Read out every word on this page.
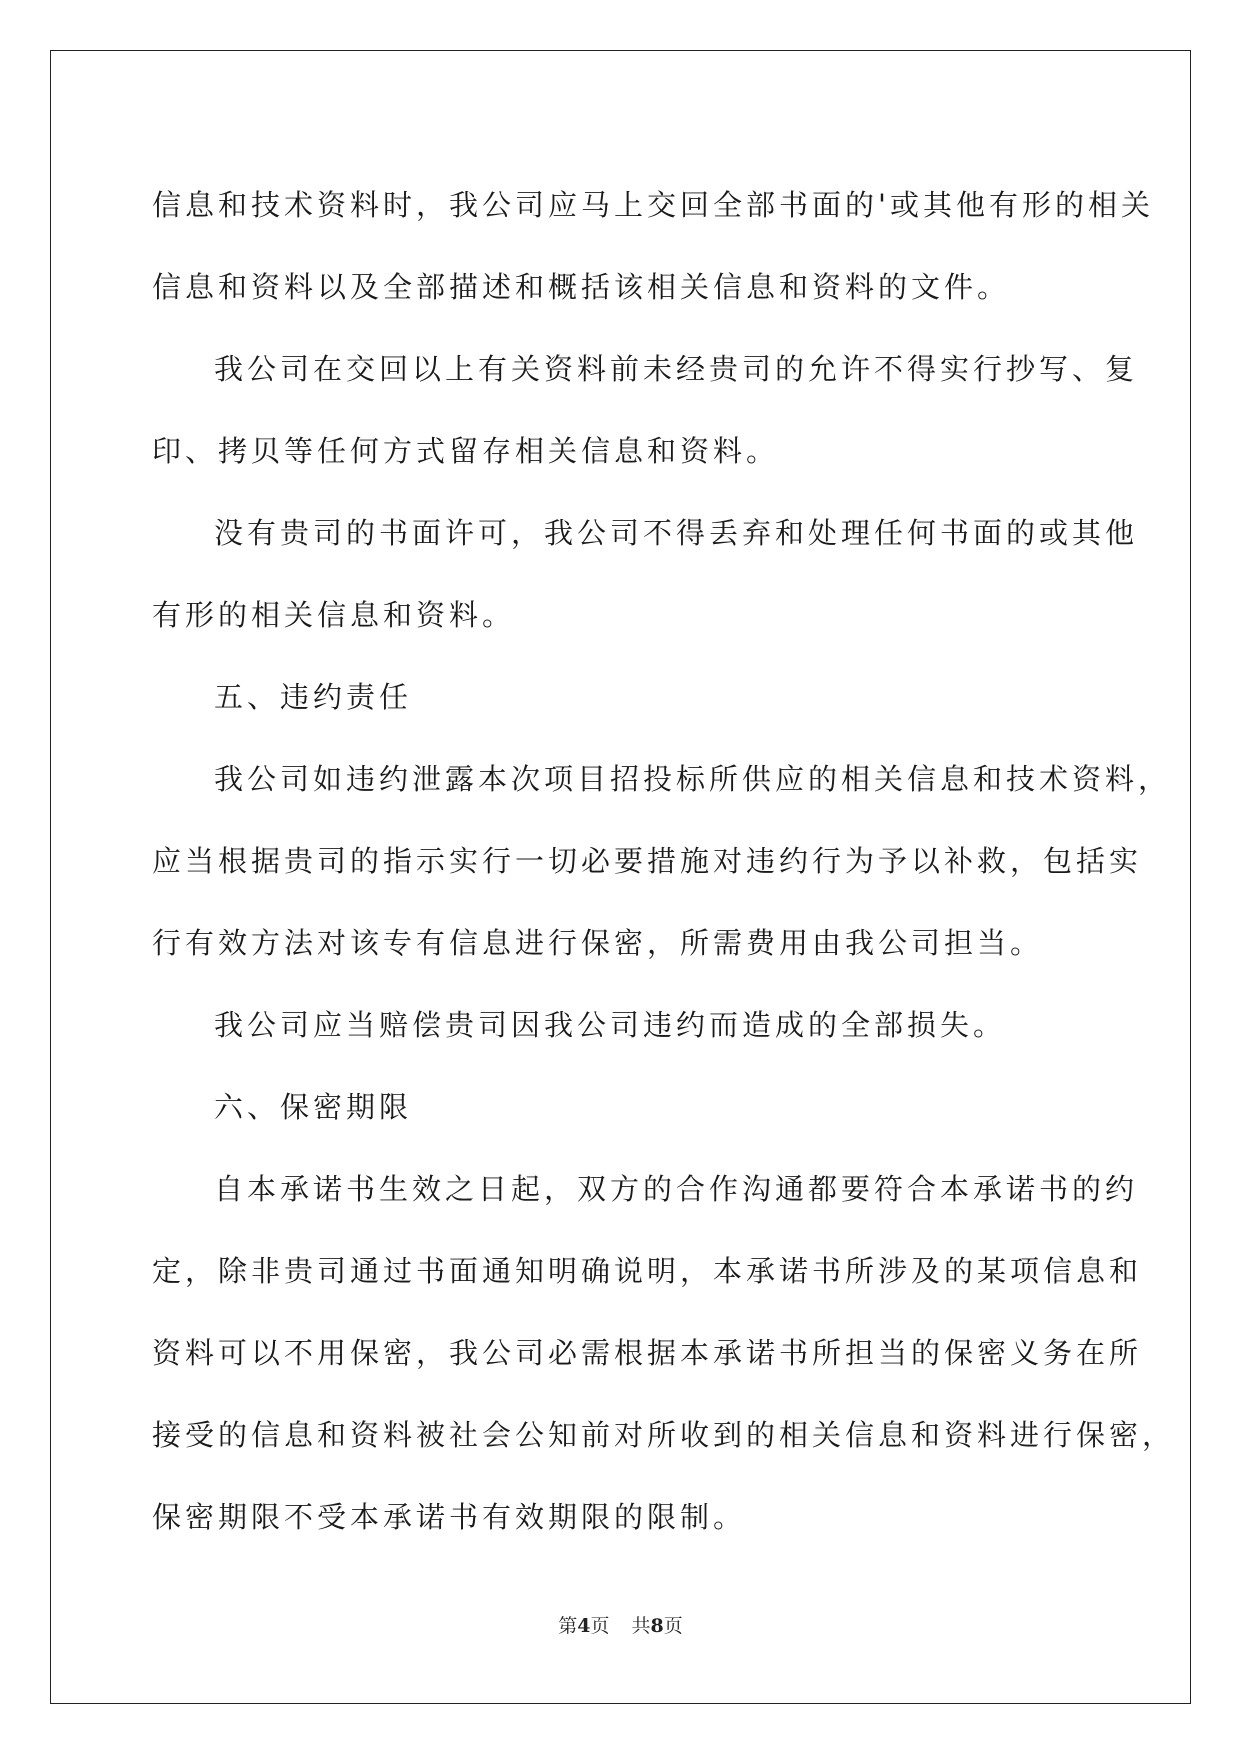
信息和技术资料时，我公司应马上交回全部书面的'或其他有形的相关

信息和资料以及全部描述和概括该相关信息和资料的文件。

我公司在交回以上有关资料前未经贵司的允许不得实行抄写、复

印、拷贝等任何方式留存相关信息和资料。

没有贵司的书面许可，我公司不得丢弃和处理任何书面的或其他

有形的相关信息和资料。

五、违约责任

我公司如违约泄露本次项目招投标所供应的相关信息和技术资料，

应当根据贵司的指示实行一切必要措施对违约行为予以补救，包括实

行有效方法对该专有信息进行保密，所需费用由我公司担当。

我公司应当赔偿贵司因我公司违约而造成的全部损失。

六、保密期限

自本承诺书生效之日起，双方的合作沟通都要符合本承诺书的约

定，除非贵司通过书面通知明确说明，本承诺书所涉及的某项信息和

资料可以不用保密，我公司必需根据本承诺书所担当的保密义务在所

接受的信息和资料被社会公知前对所收到的相关信息和资料进行保密，

保密期限不受本承诺书有效期限的限制。

第4页 共8页
